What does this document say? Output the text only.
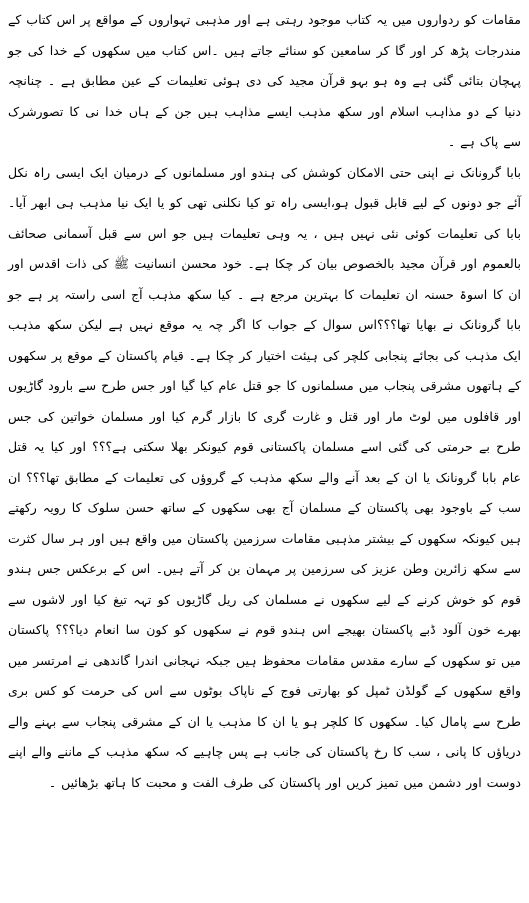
مقامات کو ردواروں میں یہ کتاب موجود رہتی ہے اور مذہبی تہواروں کے مواقع پر اس کتاب کے مندرجات پڑھ کر اور گا کر سامعین کو سنائے جاتے ہیں ۔اس کتاب میں سکھوں کے خدا کی جو پہچان بتائی گئی ہے وہ ہو بہو قرآن مجید کی دی ہوئی تعلیمات کے عین مطابق ہے ۔ چنانچہ دنیا کے دو مذاہب اسلام اور سکھ مذہب ایسے مذاہب ہیں جن کے ہاں خدا نی کا تصورشرک سے پاک ہے ۔

بابا گرونانک نے اپنی حتی الامکان کوشش کی ہندو اور مسلمانوں کے درمیان ایک ایسی راہ نکل آئے جو دونوں کے لیے قابل قبول ہو،ایسی راہ تو کیا نکلنی تھی کو یا ایک نیا مذہب ہی ابھر آیا۔ بابا کی تعلیمات کوئی نئی نہیں ہیں ، یہ وہی تعلیمات ہیں جو اس سے قبل آسمانی صحائف بالعموم اور قرآن مجید بالخصوص بیان کر چکا ہے۔ خود محسن انسانیت ﷺ کی ذات اقدس اور ان کا اسوۃ حسنہ ان تعلیمات کا بہترین مرجع ہے ۔ کیا سکھ مذہب آج اسی راستہ پر ہے جو بابا گرونانک نے بھایا تھا؟؟؟اس سوال کے جواب کا اگر چہ یہ موقع نہیں ہے لیکن سکھ مذہب ایک مذہب کی بجائے پنجابی کلچر کی ہیئت اختیار کر چکا ہے۔ قیام پاکستان کے موقع پر سکھوں کے ہاتھوں مشرقی پنجاب میں مسلمانوں کا جو قتل عام کیا گیا اور جس طرح سے بارود گاڑیوں اور قافلوں میں لوٹ مار اور قتل و غارت گری کا بازار گرم کیا اور مسلمان خواتین کی جس طرح بے حرمتی کی گئی اسے مسلمان پاکستانی قوم کیونکر بھلا سکتی ہے؟؟؟ اور کیا یہ قتل عام بابا گرونانک یا ان کے بعد آنے والے سکھ مذہب کے گروؤں کی تعلیمات کے مطابق تھا؟؟؟ ان سب کے باوجود بھی پاکستان کے مسلمان آج بھی سکھوں کے ساتھ حسن سلوک کا رویہ رکھتے ہیں کیونکہ سکھوں کے بیشتر مذہبی مقامات سرزمین پاکستان میں واقع ہیں اور ہر سال کثرت سے سکھ زائرین وطن عزیز کی سرزمین پر مہمان بن کر آتے ہیں۔ اس کے برعکس جس ہندو قوم کو خوش کرنے کے لیے سکھوں نے مسلمان کی ریل گاڑیوں کو تہہ تیغ کیا اور لاشوں سے بھرے خون آلود ڈبے پاکستان بھیجے اس ہندو قوم نے سکھوں کو کون سا انعام دیا؟؟؟ پاکستان میں تو سکھوں کے سارے مقدس مقامات محفوظ ہیں جبکہ نہجانی اندرا گاندھی نے امرتسر میں واقع سکھوں کے گولڈن ٹمپل کو بھارتی فوج کے ناپاک بوٹوں سے اس کی حرمت کو کس بری طرح سے پامال کیا۔ سکھوں کا کلچر ہو یا ان کا مذہب یا ان کے مشرقی پنجاب سے بہنے والے دریاؤں کا پانی ، سب کا رخ پاکستان کی جانب ہے پس چاہیے کہ سکھ مذہب کے ماننے والے اپنے دوست اور دشمن میں تمیز کریں اور پاکستان کی طرف الفت و محبت کا ہاتھ بڑھائیں ۔
